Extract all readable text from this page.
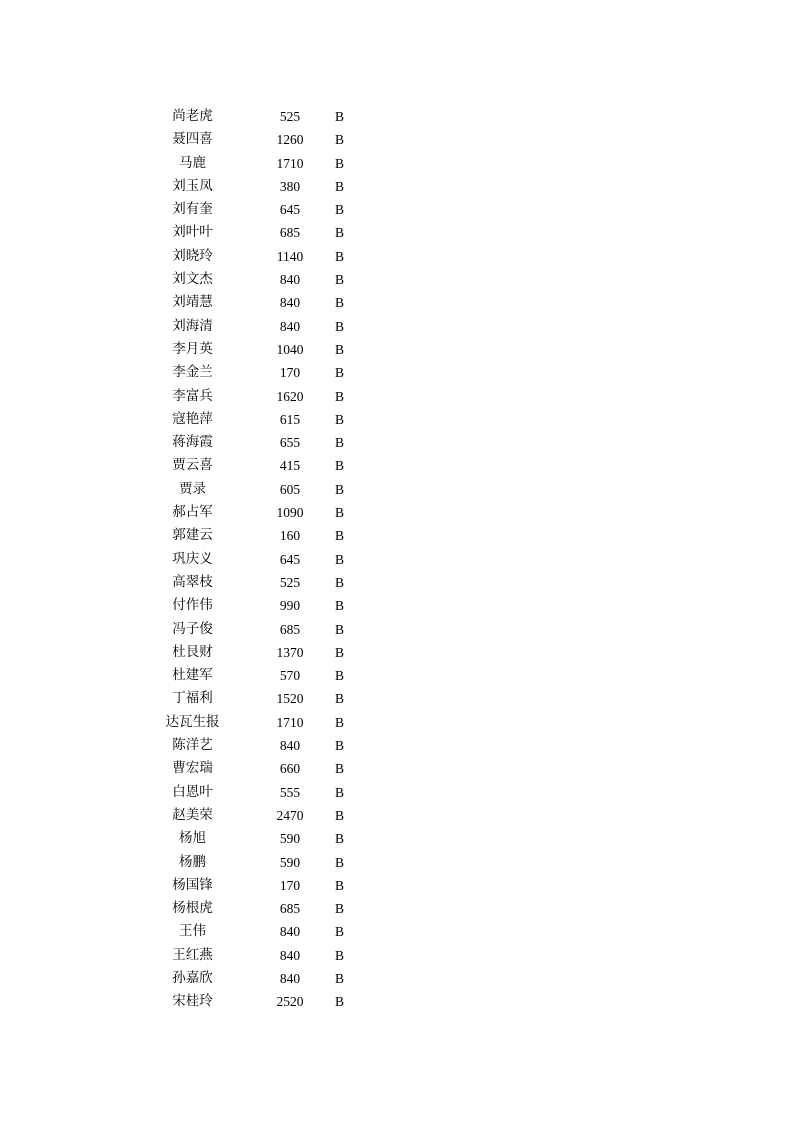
尚老虎	525	B
聂四喜	1260	B
马鹿	1710	B
刘玉凤	380	B
刘有奎	645	B
刘叶叶	685	B
刘晓玲	1140	B
刘文杰	840	B
刘靖慧	840	B
刘海清	840	B
李月英	1040	B
李金兰	170	B
李富兵	1620	B
寇艳萍	615	B
蒋海霞	655	B
贾云喜	415	B
贾录	605	B
郝占军	1090	B
郭建云	160	B
巩庆义	645	B
高翠枝	525	B
付作伟	990	B
冯子俊	685	B
杜艮财	1370	B
杜建军	570	B
丁福利	1520	B
达瓦生报	1710	B
陈洋艺	840	B
曹宏瑞	660	B
白恩叶	555	B
赵美荣	2470	B
杨旭	590	B
杨鹏	590	B
杨国锋	170	B
杨根虎	685	B
王伟	840	B
王红燕	840	B
孙嘉欣	840	B
宋桂玲	2520	B
